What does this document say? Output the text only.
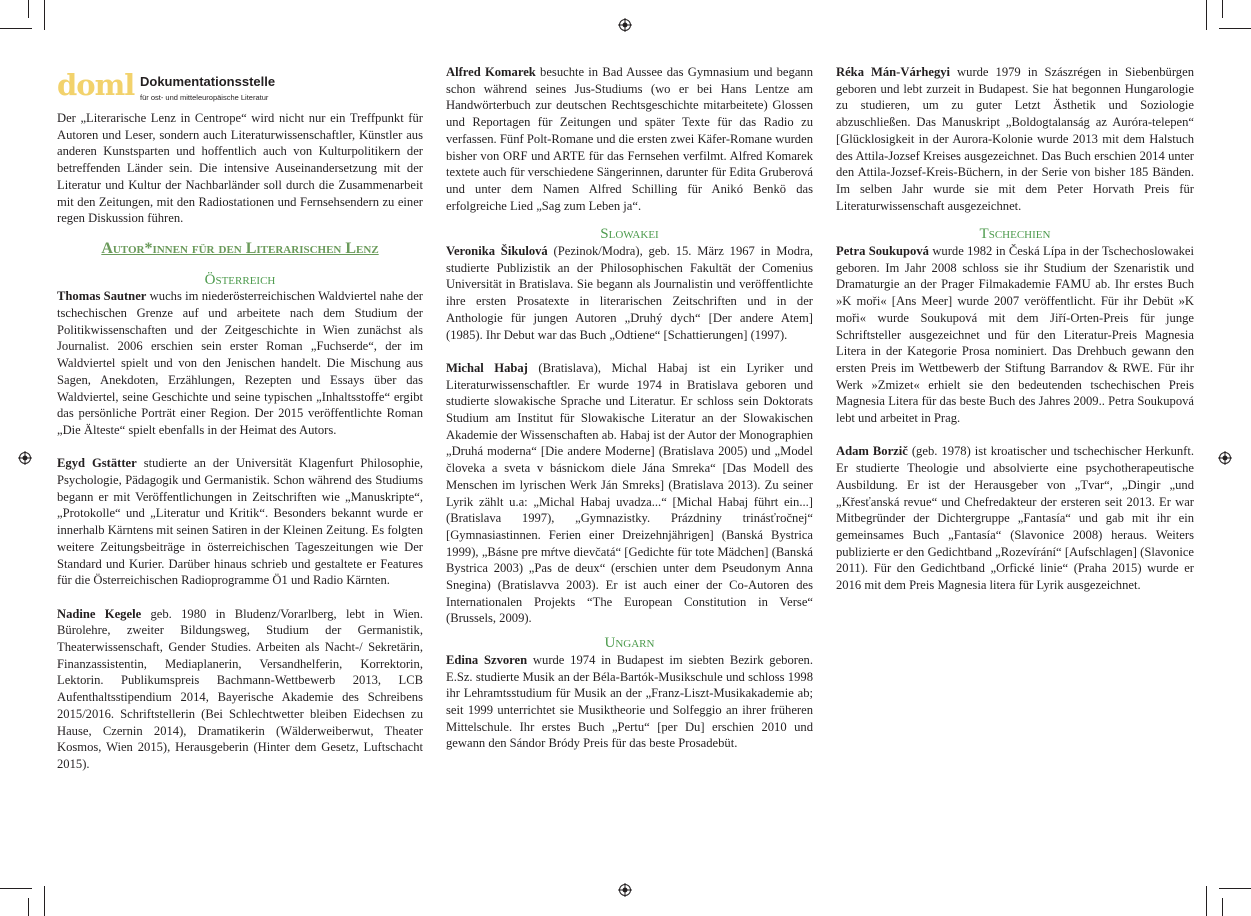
doml Dokumentationsstelle
für ost- und mitteleuropäische Literatur

Der „Literarische Lenz in Centrope“ wird nicht nur ein Treffpunkt für Autoren und Leser, sondern auch Literaturwissenschaftler, Künstler aus anderen Kunstsparten und hoffentlich auch von Kulturpolitikern der betreffenden Länder sein. Die intensive Auseinandersetzung mit der Literatur und Kultur der Nachbarländer soll durch die Zusammenarbeit mit den Zeitungen, mit den Radiostationen und Fernsehsendern zu einer regen Diskussion führen.

Autor*innen für den Literarischen Lenz
Österreich

Thomas Sautner wuchs im niederösterreichischen Waldviertel nahe der tschechischen Grenze auf und arbeitete nach dem Studium der Politikwissenschaften und der Zeitgeschichte in Wien zunächst als Journalist. 2006 erschien sein erster Roman „Fuchserde“, der im Waldviertel spielt und von den Jenischen handelt. Die Mischung aus Sagen, Anekdoten, Erzählungen, Rezepten und Essays über das Waldviertel, seine Geschichte und seine typischen „Inhaltsstoffe“ ergibt das persönliche Porträt einer Region. Der 2015 veröffentlichte Roman „Die Älteste“ spielt ebenfalls in der Heimat des Autors.

Egyd Gstätter studierte an der Universität Klagenfurt Philosophie, Psychologie, Pädagogik und Germanistik. Schon während des Studiums begann er mit Veröffentlichungen in Zeitschriften wie „Manuskripte“, „Protokolle“ und „Literatur und Kritik“. Besonders bekannt wurde er innerhalb Kärntens mit seinen Satiren in der Kleinen Zeitung. Es folgten weitere Zeitungsbeiträge in österreichischen Tageszeitungen wie Der Standard und Kurier. Darüber hinaus schrieb und gestaltete er Features für die Österreichischen Radioprogramme Ö1 und Radio Kärnten.

Nadine Kegele geb. 1980 in Bludenz/Vorarlberg, lebt in Wien. Bürolehre, zweiter Bildungsweg, Studium der Germanistik, Theaterwissenschaft, Gender Studies. Arbeiten als Nacht-/ Sekretärin, Finanzassistentin, Mediaplanerin, Versandhelferin, Korrektorin, Lektorin. Publikumspreis Bachmann-Wettbewerb 2013, LCB Aufenthaltsstipendium 2014, Bayerische Akademie des Schreibens 2015/2016. Schriftstellerin (Bei Schlechtwetter bleiben Eidechsen zu Hause, Czernin 2014), Dramatikerin (Wälderweiberwut, Theater Kosmos, Wien 2015), Herausgeberin (Hinter dem Gesetz, Luftschacht 2015).

Alfred Komarek besuchte in Bad Aussee das Gymnasium und begann schon während seines Jus-Studiums (wo er bei Hans Lentze am Handwörterbuch zur deutschen Rechtsgeschichte mitarbeitete) Glossen und Reportagen für Zeitungen und später Texte für das Radio zu verfassen. Fünf Polt-Romane und die ersten zwei Käfer-Romane wurden bisher von ORF und ARTE für das Fernsehen verfilmt. Alfred Komarek textete auch für verschiedene Sängerinnen, darunter für Edita Gruberová und unter dem Namen Alfred Schilling für Anikó Benkö das erfolgreiche Lied „Sag zum Leben ja“.

Slowakei

Veronika Šikulová (Pezinok/Modra), geb. 15. März 1967 in Modra, studierte Publizistik an der Philosophischen Fakultät der Comenius Universität in Bratislava. Sie begann als Journalistin und veröffentlichte ihre ersten Prosatexte in literarischen Zeitschriften und in der Anthologie für jungen Autoren „Druhý dych“ [Der andere Atem] (1985). Ihr Debut war das Buch „Odtiene“ [Schattierungen] (1997).

Michal Habaj (Bratislava), Michal Habaj ist ein Lyriker und Literaturwissenschaftler. Er wurde 1974 in Bratislava geboren und studierte slowakische Sprache und Literatur. Er schloss sein Doktorats Studium am Institut für Slowakische Literatur an der Slowakischen Akademie der Wissenschaften ab. Habaj ist der Autor der Monographien „Druhá moderna“ [Die andere Moderne] (Bratislava 2005) und „Model človeka a sveta v básnickom diele Jána Smreka“ [Das Modell des Menschen im lyrischen Werk Ján Smreks] (Bratislava 2013). Zu seiner Lyrik zählt u.a: „Michal Habaj uvadza...“ [Michal Habaj führt ein...] (Bratislava 1997), „Gymnazistky. Prázdniny trinásťročnej“ [Gymnasiastinnen. Ferien einer Dreizehnjährigen] (Banská Bystrica 1999), „Básne pre mŕtve dievčatá“ [Gedichte für tote Mädchen] (Banská Bystrica 2003) „Pas de deux“ (erschien unter dem Pseudonym Anna Snegina) (Bratislavva 2003). Er ist auch einer der Co-Autoren des Internationalen Projekts “The European Constitution in Verse“ (Brussels, 2009).

Ungarn

Edina Szvoren wurde 1974 in Budapest im siebten Bezirk geboren. E.Sz. studierte Musik an der Béla-Bartók-Musikschule und schloss 1998 ihr Lehramtsstudium für Musik an der „Franz-Liszt-Musikakademie ab; seit 1999 unterrichtet sie Musiktheorie und Solfeggio an ihrer früheren Mittelschule. Ihr erstes Buch „Pertu“ [per Du] erschien 2010 und gewann den Sándor Bródy Preis für das beste Prosadebüt.

Réka Mán-Várhegyi wurde 1979 in Szászrégen in Siebenbürgen geboren und lebt zurzeit in Budapest. Sie hat begonnen Hungarologie zu studieren, um zu guter Letzt Ästhetik und Soziologie abzuschließen. Das Manuskript „Boldogtalanság az Auróra-telepen“ [Glücklosigkeit in der Aurora-Kolonie wurde 2013 mit dem Halstuch des Attila-Jozsef Kreises ausgezeichnet. Das Buch erschien 2014 unter den Attila-Jozsef-Kreis-Büchern, in der Serie von bisher 185 Bänden. Im selben Jahr wurde sie mit dem Peter Horvath Preis für Literaturwissenschaft ausgezeichnet.

Tschechien

Petra Soukupová wurde 1982 in Česká Lípa in der Tschechoslowakei geboren. Im Jahr 2008 schloss sie ihr Studium der Szenaristik und Dramaturgie an der Prager Filmakademie FAMU ab. Ihr erstes Buch »K moři« [Ans Meer] wurde 2007 veröffentlicht. Für ihr Debüt »K moři« wurde Soukupová mit dem Jiří-Orten-Preis für junge Schriftsteller ausgezeichnet und für den Literatur-Preis Magnesia Litera in der Kategorie Prosa nominiert. Das Drehbuch gewann den ersten Preis im Wettbewerb der Stiftung Barrandov & RWE. Für ihr Werk »Zmizet« erhielt sie den bedeutenden tschechischen Preis Magnesia Litera für das beste Buch des Jahres 2009.. Petra Soukupová lebt und arbeitet in Prag.

Adam Borzič (geb. 1978) ist kroatischer und tschechischer Herkunft. Er studierte Theologie und absolvierte eine psychotherapeutische Ausbildung. Er ist der Herausgeber von „Tvar“, „Dingir „und „Křesťanská revue“ und Chefredakteur der ersteren seit 2013. Er war Mitbegründer der Dichtergruppe „Fantasía“ und gab mit ihr ein gemeinsames Buch „Fantasía“ (Slavonice 2008) heraus. Weiters publizierte er den Gedichtband „Rozevírání“ [Aufschlagen] (Slavonice 2011). Für den Gedichtband „Orfické linie“ (Praha 2015) wurde er 2016 mit dem Preis Magnesia litera für Lyrik ausgezeichnet.
